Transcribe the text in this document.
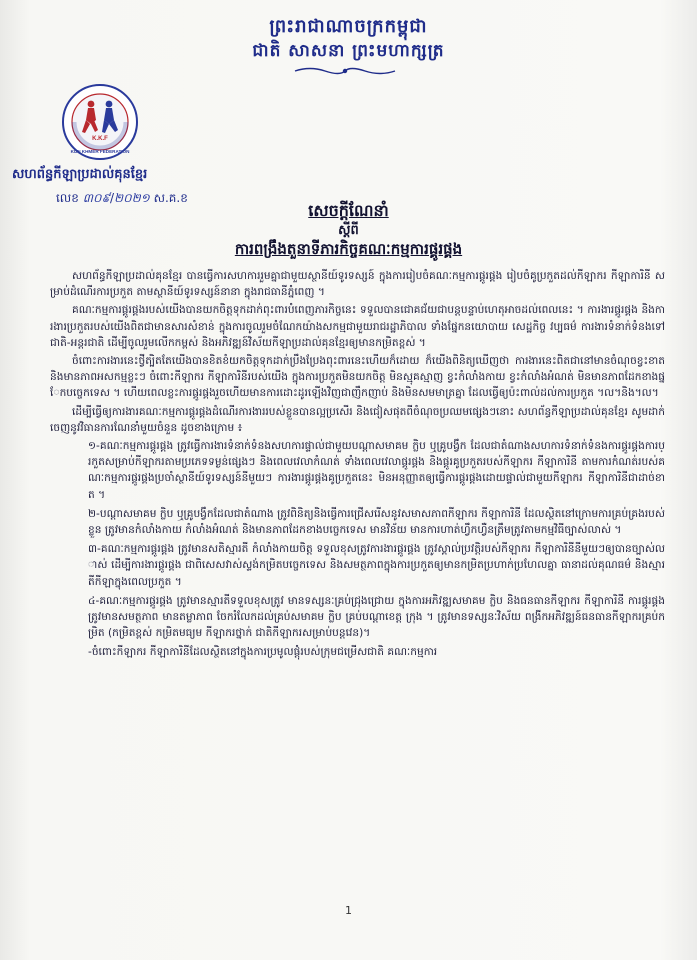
ព្រះរាជាណាចក្រកម្ពុជា
ជាតិ សាសនា ព្រះមហាក្សត្រ
K.K.F
KUN KHMER FEDERATION
សហព័ន្ធកីឡាប្រដាល់គុនខ្មែរ
លេខ ៣០៩/២០២១ ស.គ.ខ
សេចក្តីណែនាំ
ស្តីពី
ការពង្រឹងតួនាទីភារកិច្ចគណៈកម្មការផ្គូរផ្គង

សហព័ន្ធកីឡាប្រដាល់គុនខ្មែរ បានធ្វើការសហការរួមគ្នាជាមួយស្ថានីយ៍ទូរទស្សន៍ ក្នុងការរៀបចំគណៈកម្មការផ្គូរផ្គង រៀបចំគូប្រកួតដល់កីឡាករ កីឡាការិនី សម្រាប់ដំណើរការប្រកួត តាមស្ថានីយ៍ទូរទស្សន៍នានា ក្នុងរាជធានីភ្នំពេញ ។

គណៈកម្មការផ្គូរផ្គងរបស់យើងបានយកចិត្តទុកដាក់ពុះពារបំពេញភារកិច្ចនេះ ទទួលបានជោគជ័យជាបន្តបន្ទាប់ហេតុអាចដល់ពេលនេះ ។ ការងារផ្គូរផ្គង និងការងារប្រកួតរបស់យើងពិតជាមានសារសំខាន់ ក្នុងការចូលរួមចំណែកយ៉ាងសកម្មជាមួយរាជរដ្ឋាភិបាល ទាំងផ្នែកនយោបាយ សេដ្ឋកិច្ច វប្បធម៌ ការងារទំនាក់ទំនងទៅជាតិ-អន្តរជាតិ ដើម្បីចូលរួមលើកកម្ពស់ និងអភិវឌ្ឍន៍វិស័យកីឡាប្រដាល់គុនខ្មែរឲ្យមានកម្រិតខ្ពស់ ។

ចំពោះការងារនេះថ្វីត្បិតតែយើងបានខិតខំយកចិត្តទុកដាក់ប្រឹងប្រែងពុះពារនេះហើយក៏ដោយ ក៏យើងពិនិត្យឃើញថា ការងារនេះពិតជានៅមានចំណុចខ្វះខាត និងមានភាពអសកម្មខ្លះៗ ចំពោះកីឡាករ កីឡាការិនីរបស់យើង ក្នុងការប្រកួតមិនយកចិត្ត មិនស្មុគស្មាញ ខ្វះកំលាំងកាយ ខ្វះកំលាំងអំណត់ មិនមានភាពដែកខាងផ្នែកបច្ចេកទេស ។ ហើយពេលខ្លះការផ្គូរផ្គងរួចហើយមានការដោះដូរឡើងវិញជាញឹកញាប់ និងមិនសមមាត្រគ្នា ដែលធ្វើឲ្យប៉ះពាល់ដល់ការប្រកួត ។ល។និង។ល។

ដើម្បីធ្វើឲ្យការងារគណៈកម្មការផ្គូរផ្គងដំណើរការងាររបស់ខ្លួនបានល្អប្រសើរ និងជៀសផុតពីចំណុចប្រឈមផ្សេងៗនោះ សហព័ន្ធកីឡាប្រដាល់គុនខ្មែរ សូមដាក់ចេញនូវវិធានការណែនាំមួយចំនួន ដូចខាងក្រោម ៖

១-គណៈកម្មការផ្គូរផ្គង ត្រូវធ្វើការងារទំនាក់ទំនងសហការផ្ទាល់ជាមួយបណ្តាសមាគម ក្លិប ឬគ្រូបង្វឹក ដែលជាតំណាងសហការទំនាក់ទំនងការផ្គូរផ្គងការប្រកួតសម្រាប់កីឡាករតាមប្រភេទទម្ងន់ផ្សេងៗ និងពេលវេលាកំណត់ ទាំងពេលវេលាផ្គូរផ្គង និងផ្គូរគូប្រកួតរបស់កីឡាករ កីឡាការិនី តាមការកំណត់របស់គណៈកម្មការផ្គូរផ្គងប្រចាំស្ថានីយ៍ទូរទស្សន៍នីមួយៗ ការងារផ្គូរផ្គងគូប្រកួតនេះ មិនអនុញ្ញាតឲ្យធ្វើការផ្គូរផ្គងដោយផ្ទាល់ជាមួយកីឡាករ កីឡាការិនីជាដាច់ខាត ។

២-បណ្តាសមាគម ក្លិប ឬគ្រូបង្វឹកដែលជាតំណាង ត្រូវពិនិត្យនិងធ្វើការជ្រើសរើសនូវសមាសភាពកីឡាករ កីឡាការិនី ដែលស្ថិតនៅក្រោមការគ្រប់គ្រងរបស់ខ្លួន ត្រូវមានកំលាំងកាយ កំលាំងអំណត់ និងមានភាពដែកខាងបច្ចេកទេស មានវិន័យ មានការហាត់ហ្វឹកហ្វឺនត្រឹមត្រូវតាមកម្មវិធីច្បាស់លាស់ ។

៣-គណៈកម្មការផ្គូរផ្គង ត្រូវមានសតិស្មារតី កំលាំងកាយចិត្ត ទទួលខុសត្រូវការងារផ្គូរផ្គង ត្រូវស្គាល់ប្រវត្តិរបស់កីឡាករ កីឡាការិនីនីមួយៗឲ្យបានច្បាស់លាស់ ដើម្បីការងារផ្គូរផ្គង ជាពិសេសវាស់ស្ទង់កម្រិតបច្ចេកទេស និងសមត្ថភាពក្នុងការប្រកួតឲ្យមានកម្រិតប្រហាក់ប្រហែលគ្នា ធានាដល់គុណធម៌ និងស្មារតីកីឡាក្នុងពេលប្រកួត ។

៤-គណៈកម្មការផ្គូរផ្គង ត្រូវមានស្មារតីទទួលខុសត្រូវ មានទស្សនៈគ្រប់ជ្រុងជ្រោយ ក្នុងការអភិវឌ្ឍសមាគម ក្លិប និងធនធានកីឡាករ កីឡាការិនី ការផ្គូរផ្គងត្រូវមានសមត្ថភាព មានតម្លាភាព ចែករំលែកដល់គ្រប់សមាគម ក្លិប គ្រប់បណ្តាខេត្ត ក្រុង ។ ត្រូវមានទស្សនៈវិស័យ ពង្រីកអភិវឌ្ឍន៍ធនធានកីឡាករគ្រប់កម្រិត (កម្រិតខ្ពស់ កម្រិតមធ្យម កីឡាករថ្នាក់ ជាតិកីឡាករសម្រាប់បន្តវេន)។

-ចំពោះកីឡាករ កីឡាការិនីដែលស្ថិតនៅក្នុងការប្រមូលផ្តុំរបស់ក្រុមជម្រើសជាតិ គណៈកម្មការ

1
